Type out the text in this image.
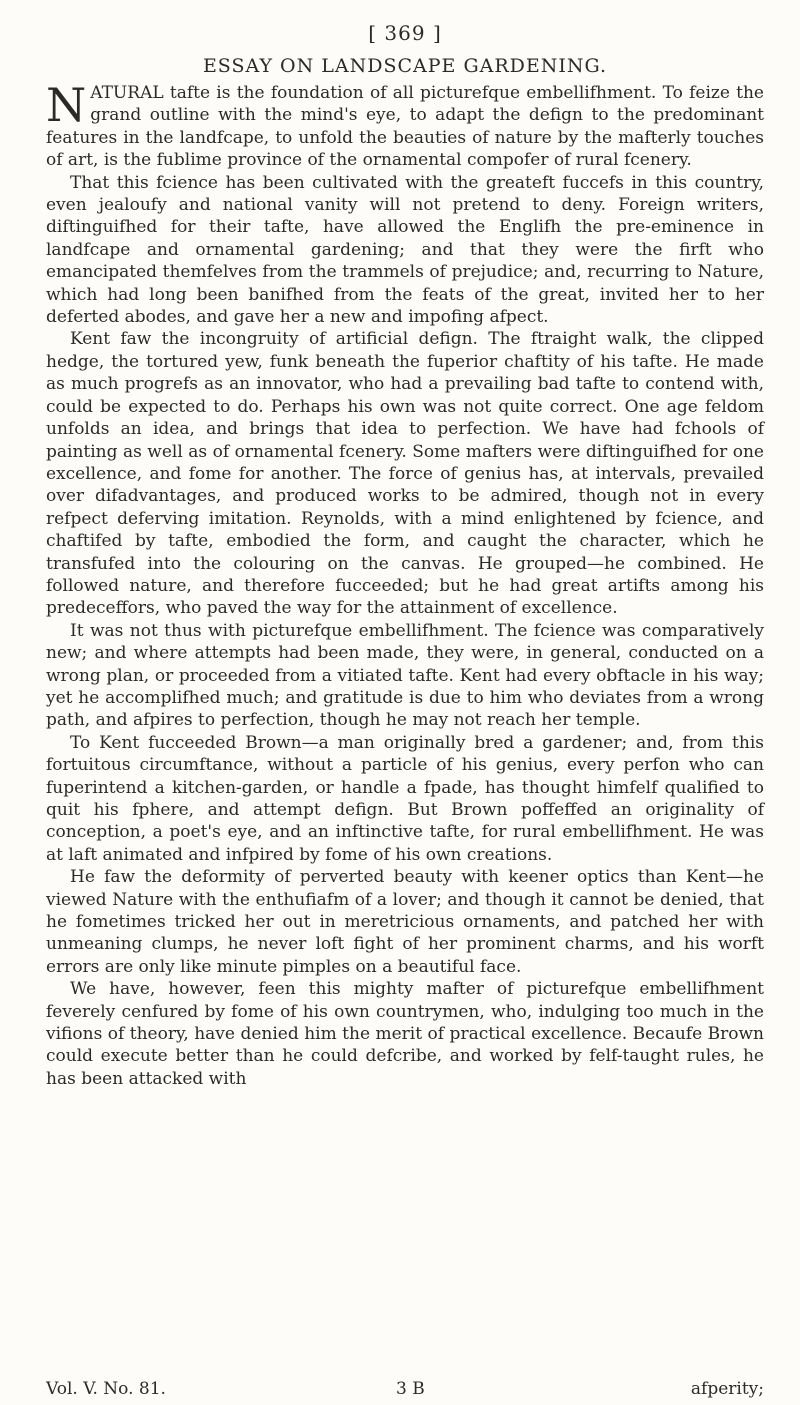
[ 369 ]
ESSAY ON LANDSCAPE GARDENING.

NATURAL tafte is the foundation of all picturefque embellifhment. To feize the grand outline with the mind's eye, to adapt the defign to the predominant features in the landfcape, to unfold the beauties of nature by the mafterly touches of art, is the fublime province of the ornamental compofer of rural fcenery.

That this fcience has been cultivated with the greateft fuccefs in this country, even jealoufy and national vanity will not pretend to deny. Foreign writers, diftinguifhed for their tafte, have allowed the Englifh the pre-eminence in landfcape and ornamental gardening; and that they were the firft who emancipated themfelves from the trammels of prejudice; and, recurring to Nature, which had long been banifhed from the feats of the great, invited her to her deferted abodes, and gave her a new and impofing afpect.

Kent faw the incongruity of artificial defign. The ftraight walk, the clipped hedge, the tortured yew, funk beneath the fuperior chaftity of his tafte. He made as much progrefs as an innovator, who had a prevailing bad tafte to contend with, could be expected to do. Perhaps his own was not quite correct. One age feldom unfolds an idea, and brings that idea to perfection. We have had fchools of painting as well as of ornamental fcenery. Some mafters were diftinguifhed for one excellence, and fome for another. The force of genius has, at intervals, prevailed over difadvantages, and produced works to be admired, though not in every refpect deferving imitation. Reynolds, with a mind enlightened by fcience, and chaftifed by tafte, embodied the form, and caught the character, which he transfufed into the colouring on the canvas. He grouped—he combined. He followed nature, and therefore fucceeded; but he had great artifts among his predeceffors, who paved the way for the attainment of excellence.

It was not thus with picturefque embellifhment. The fcience was comparatively new; and where attempts had been made, they were, in general, conducted on a wrong plan, or proceeded from a vitiated tafte. Kent had every obftacle in his way; yet he accomplifhed much; and gratitude is due to him who deviates from a wrong path, and afpires to perfection, though he may not reach her temple.

To Kent fucceeded Brown—a man originally bred a gardener; and, from this fortuitous circumftance, without a particle of his genius, every perfon who can fuperintend a kitchen-garden, or handle a fpade, has thought himfelf qualified to quit his fphere, and attempt defign. But Brown poffeffed an originality of conception, a poet's eye, and an inftinctive tafte, for rural embellifhment. He was at laft animated and infpired by fome of his own creations.

He faw the deformity of perverted beauty with keener optics than Kent—he viewed Nature with the enthufiafm of a lover; and though it cannot be denied, that he fometimes tricked her out in meretricious ornaments, and patched her with unmeaning clumps, he never loft fight of her prominent charms, and his worft errors are only like minute pimples on a beautiful face.

We have, however, feen this mighty mafter of picturefque embellifhment feverely cenfured by fome of his own countrymen, who, indulging too much in the vifions of theory, have denied him the merit of practical excellence. Becaufe Brown could execute better than he could defcribe, and worked by felf-taught rules, he has been attacked with

Vol. V. No. 81.	3 B	afperity;
